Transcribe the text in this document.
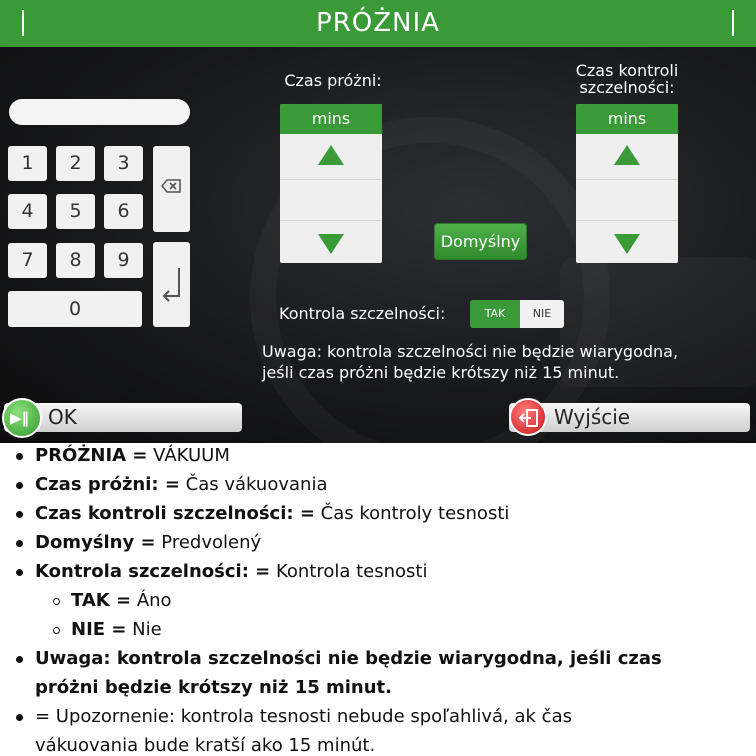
PRÓŻNIA
1	2	3
4	5	6
7	8	9
0
Czas próżni:
mins
Czas kontroli
szczelności:
mins
Domyślny
Kontrola szczelności:	TAK	NIE
Uwaga: kontrola szczelności nie będzie wiarygodna,
jeśli czas próżni będzie krótszy niż 15 minut.
▶‖ OK	Wyjście
PRÓŻNIA = VÁKUUM
Czas próżni: = Čas vákuovania
Czas kontroli szczelności: = Čas kontroly tesnosti
Domyślny = Predvolený
Kontrola szczelności: = Kontrola tesnosti
TAK = Áno
NIE = Nie
Uwaga: kontrola szczelności nie będzie wiarygodna, jeśli czas
próżni będzie krótszy niż 15 minut.
= Upozornenie: kontrola tesnosti nebude spoľahlivá, ak čas
vákuovania bude kratší ako 15 minút.
